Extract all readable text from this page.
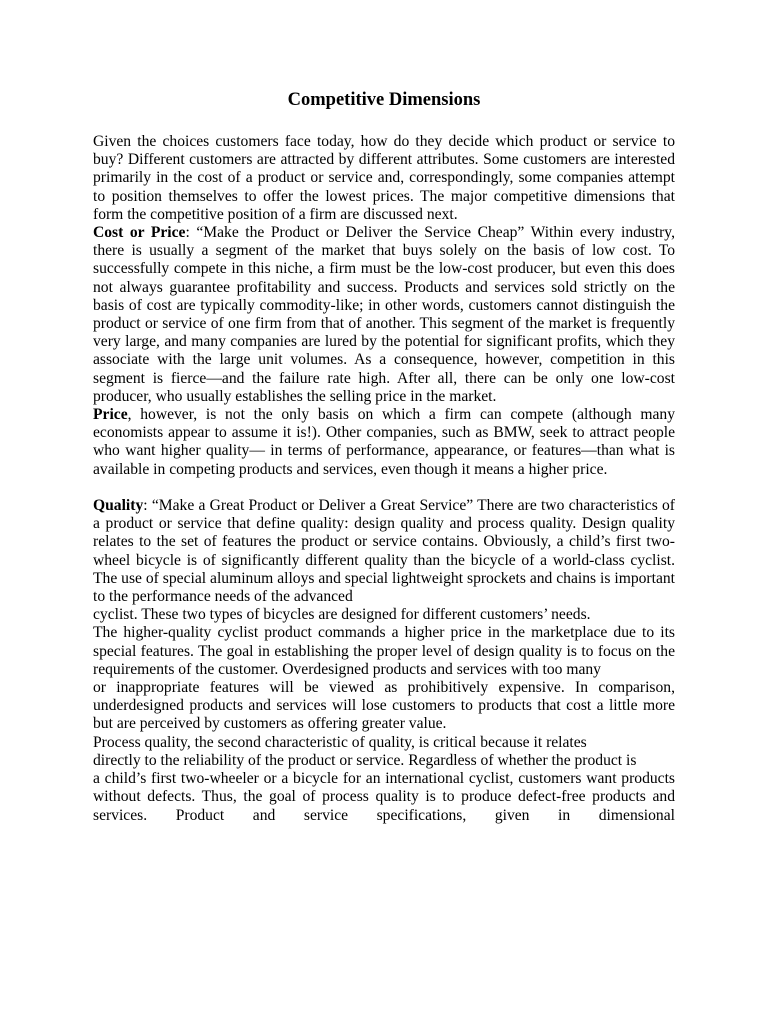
Competitive Dimensions

Given the choices customers face today, how do they decide which product or service to buy? Different customers are attracted by different attributes. Some customers are interested primarily in the cost of a product or service and, correspondingly, some companies attempt to position themselves to offer the lowest prices. The major competitive dimensions that form the competitive position of a firm are discussed next.

Cost or Price: “Make the Product or Deliver the Service Cheap” Within every industry, there is usually a segment of the market that buys solely on the basis of low cost. To successfully compete in this niche, a firm must be the low-cost producer, but even this does not always guarantee profitability and success. Products and services sold strictly on the basis of cost are typically commodity-like; in other words, customers cannot distinguish the product or service of one firm from that of another. This segment of the market is frequently very large, and many companies are lured by the potential for significant profits, which they associate with the large unit volumes. As a consequence, however, competition in this segment is fierce—and the failure rate high. After all, there can be only one low-cost producer, who usually establishes the selling price in the market.

Price, however, is not the only basis on which a firm can compete (although many economists appear to assume it is!). Other companies, such as BMW, seek to attract people who want higher quality— in terms of performance, appearance, or features—than what is available in competing products and services, even though it means a higher price.

Quality: “Make a Great Product or Deliver a Great Service” There are two characteristics of a product or service that define quality: design quality and process quality. Design quality relates to the set of features the product or service contains. Obviously, a child’s first two-wheel bicycle is of significantly different quality than the bicycle of a world-class cyclist. The use of special aluminum alloys and special lightweight sprockets and chains is important to the performance needs of the advanced

cyclist. These two types of bicycles are designed for different customers’ needs.

The higher-quality cyclist product commands a higher price in the marketplace due to its special features. The goal in establishing the proper level of design quality is to focus on the requirements of the customer. Overdesigned products and services with too many

or inappropriate features will be viewed as prohibitively expensive. In comparison, underdesigned products and services will lose customers to products that cost a little more but are perceived by customers as offering greater value.

Process quality, the second characteristic of quality, is critical because it relates

directly to the reliability of the product or service. Regardless of whether the product is

a child’s first two-wheeler or a bicycle for an international cyclist, customers want products without defects. Thus, the goal of process quality is to produce defect-free products and services. Product and service specifications, given in dimensional
